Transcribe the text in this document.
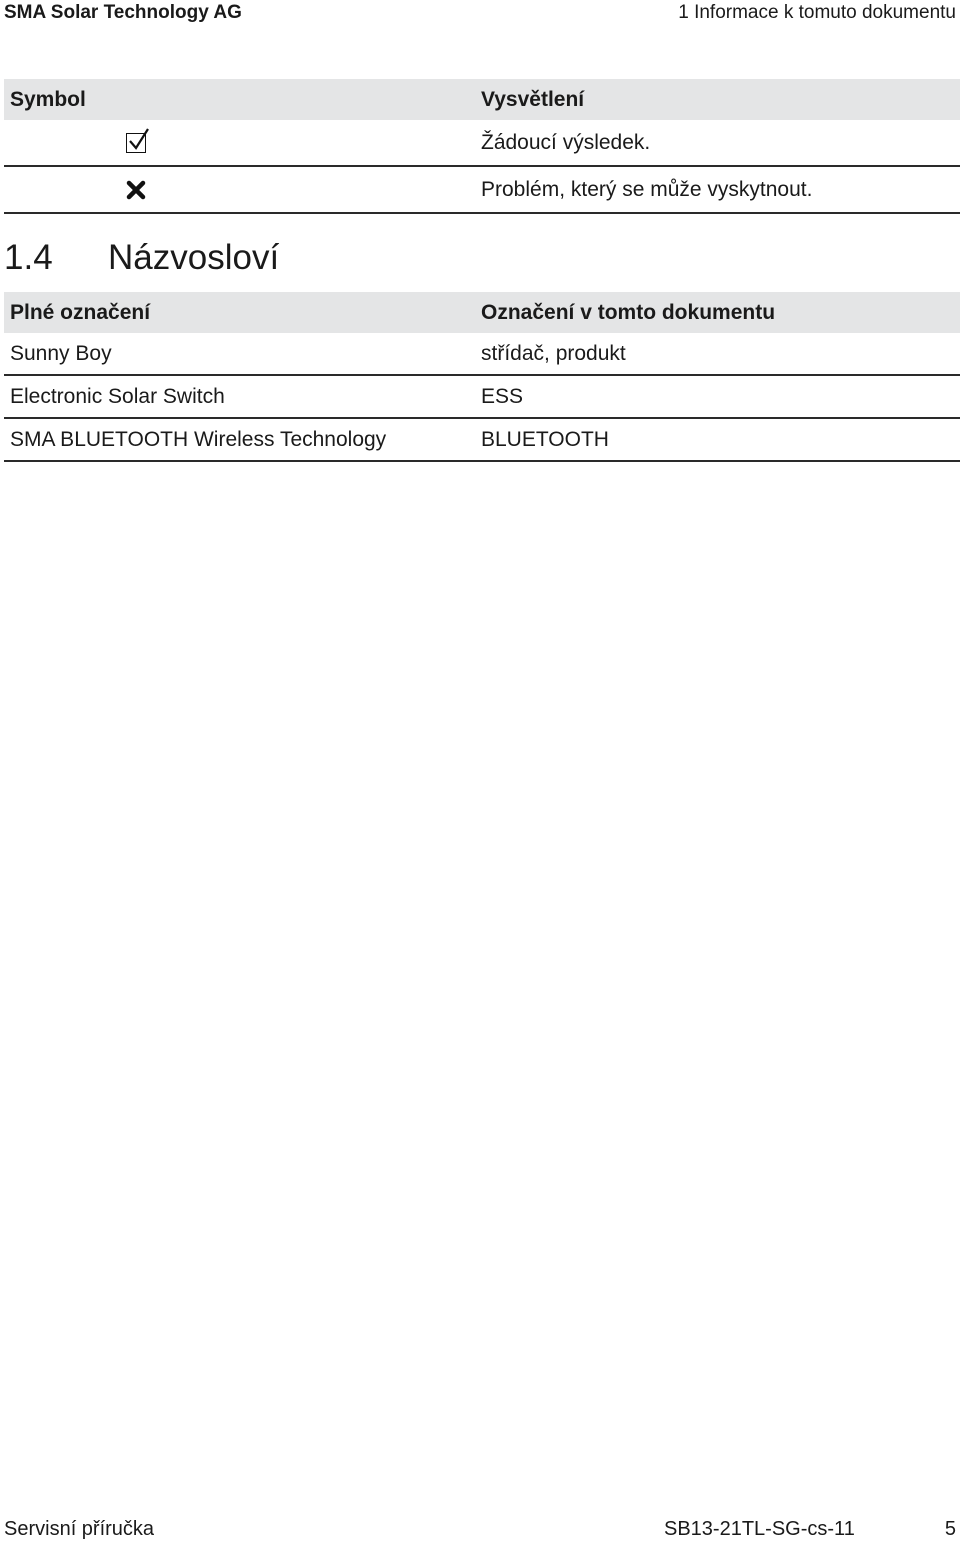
SMA Solar Technology AG	1 Informace k tomuto dokumentu
Symbol	Vysvětlení

	Žádoucí výsledek.
	Problém, který se může vyskytnout.
1.4 Názvosloví
Plné označení	Označení v tomto dokumentu
Sunny Boy	střídač, produkt
Electronic Solar Switch	ESS
SMA BLUETOOTH Wireless Technology	BLUETOOTH
Servisní příručka	SB13-21TL-SG-cs-11	5
